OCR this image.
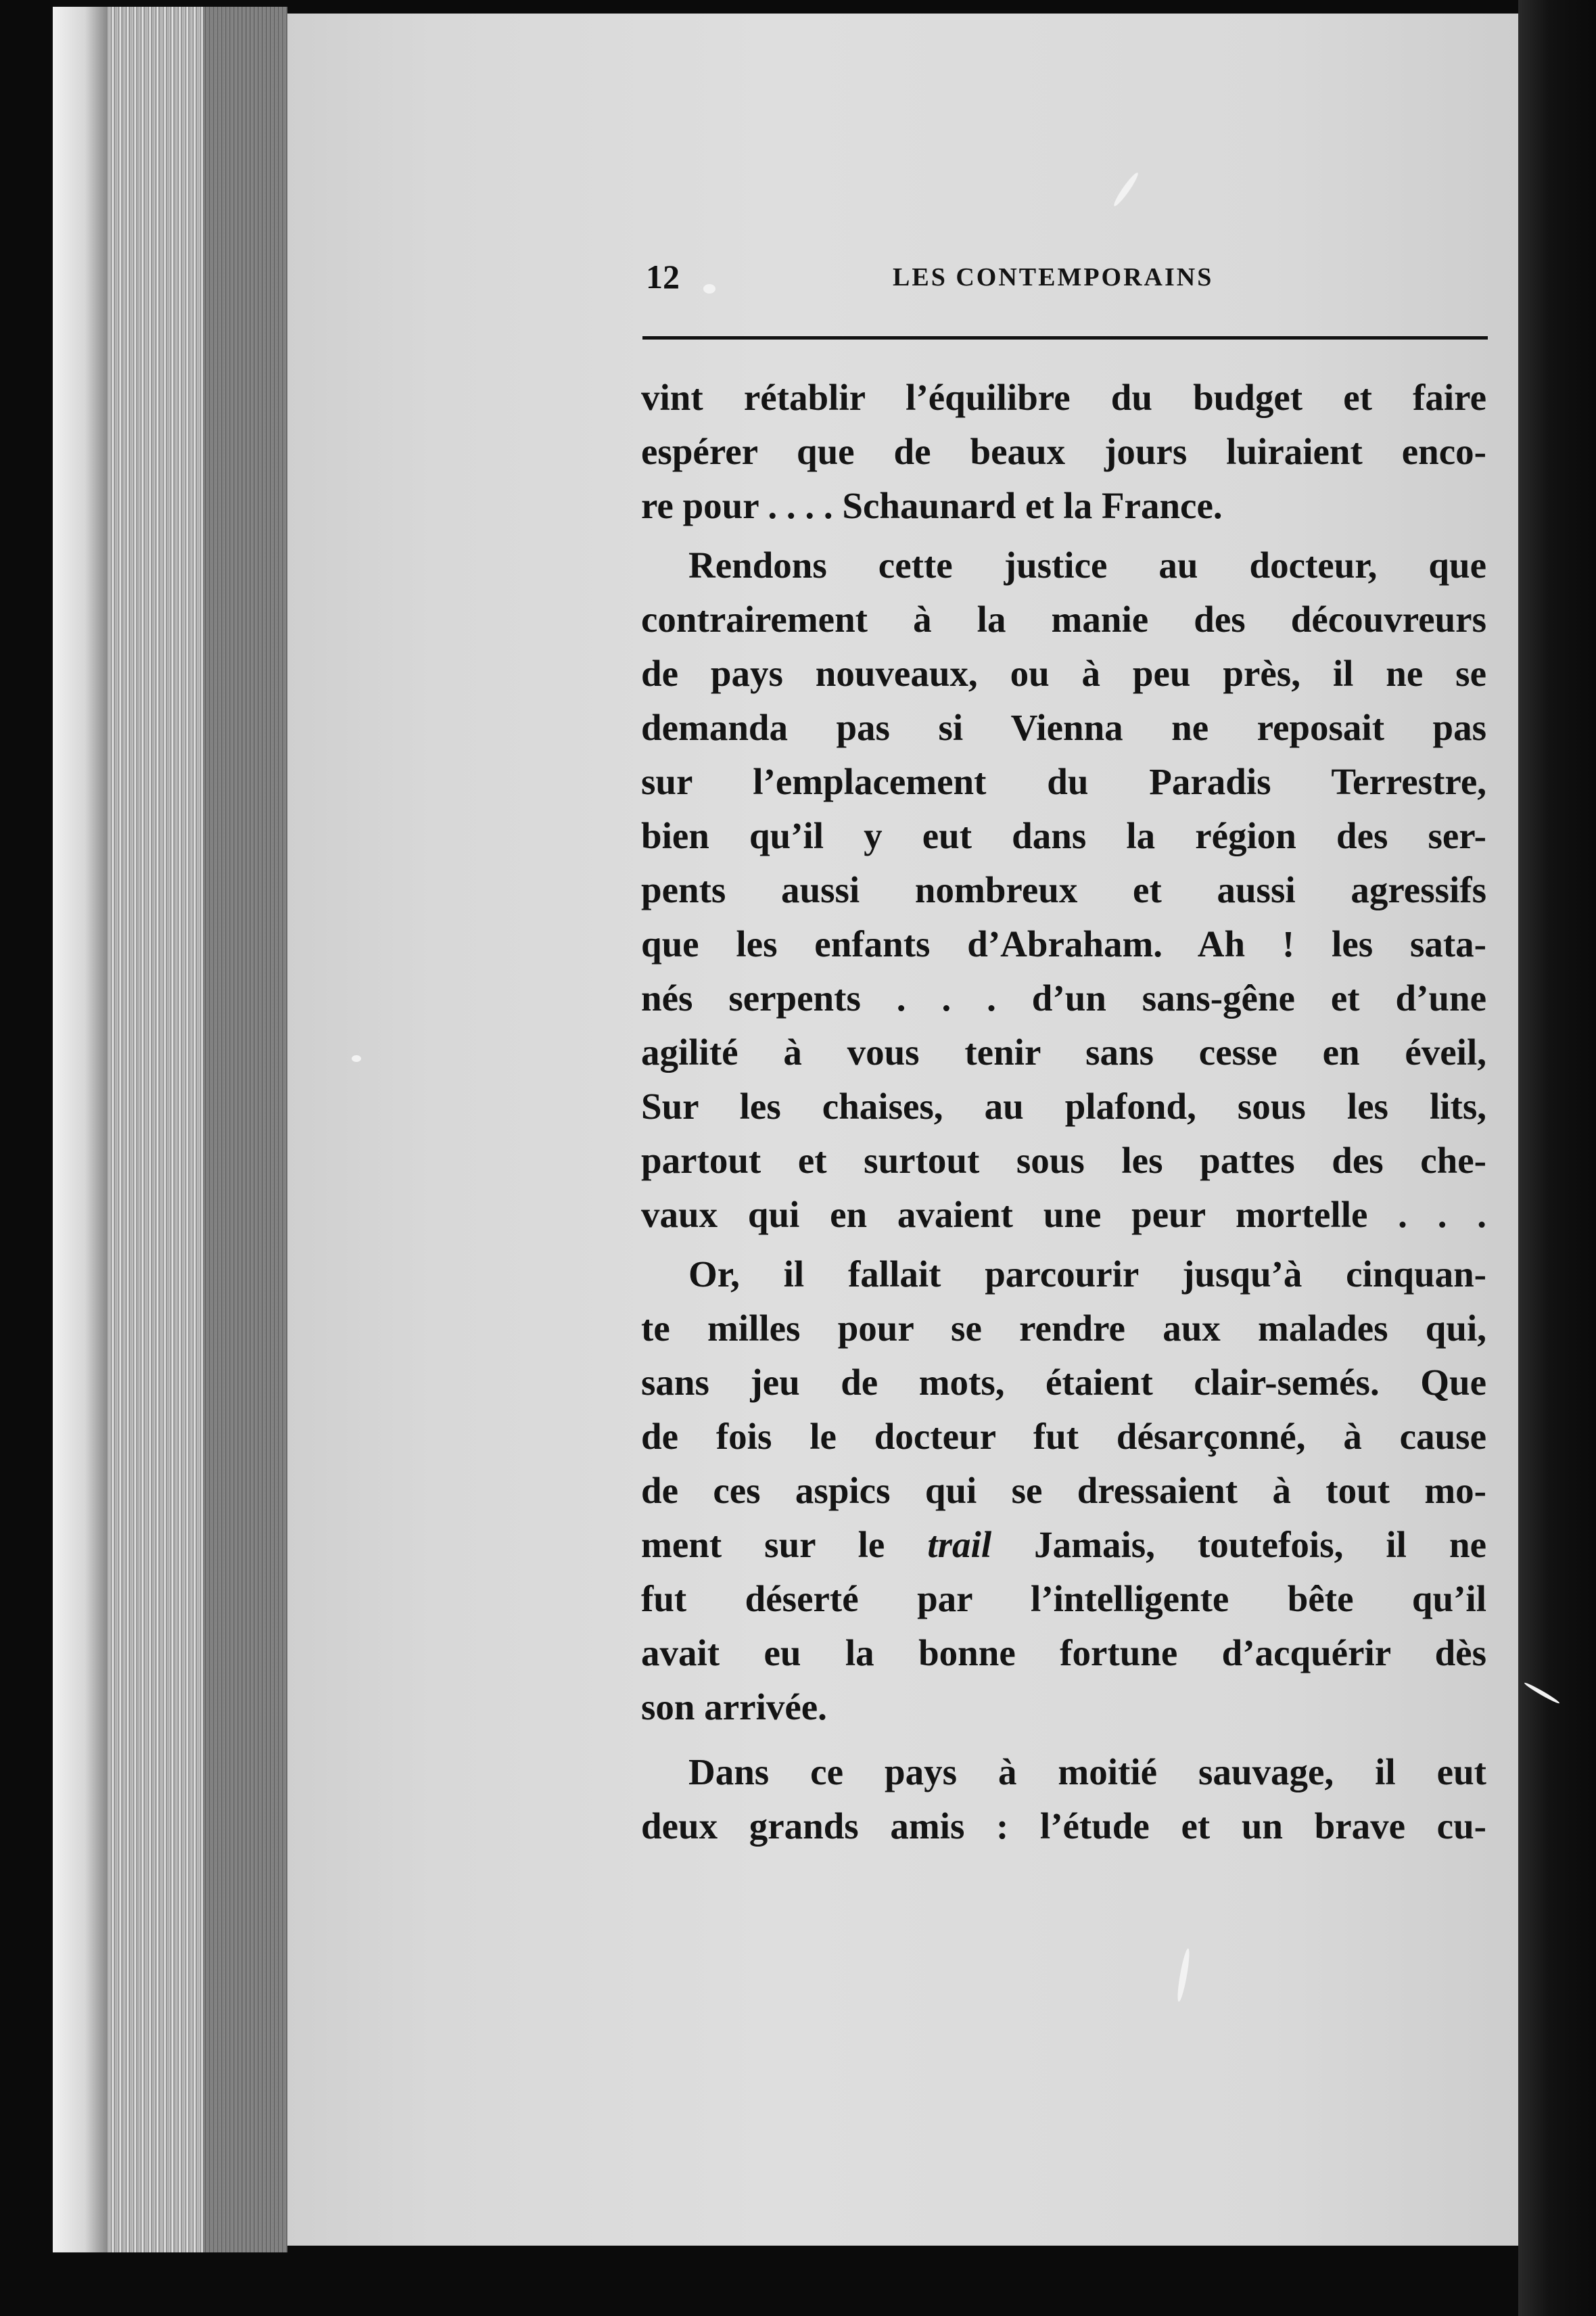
12	LES CONTEMPORAINS
vint rétablir l’équilibre du budget et faire
espérer que de beaux jours luiraient enco-
re pour . . . . Schaunard et la France.
Rendons cette justice au docteur, que
contrairement à la manie des découvreurs
de pays nouveaux, ou à peu près, il ne se
demanda pas si Vienna ne reposait pas
sur l’emplacement du Paradis Terrestre,
bien qu’il y eut dans la région des ser-
pents aussi nombreux et aussi agressifs
que les enfants d’Abraham. Ah ! les sata-
nés serpents . . . d’un sans-gêne et d’une
agilité à vous tenir sans cesse en éveil,
Sur les chaises, au plafond, sous les lits,
partout et surtout sous les pattes des che-
vaux qui en avaient une peur mortelle . . .
Or, il fallait parcourir jusqu’à cinquan-
te milles pour se rendre aux malades qui,
sans jeu de mots, étaient clair-semés. Que
de fois le docteur fut désarçonné, à cause
de ces aspics qui se dressaient à tout mo-
ment sur le trail Jamais, toutefois, il ne
fut déserté par l’intelligente bête qu’il
avait eu la bonne fortune d’acquérir dès
son arrivée.
Dans ce pays à moitié sauvage, il eut
deux grands amis : l’étude et un brave cu-
